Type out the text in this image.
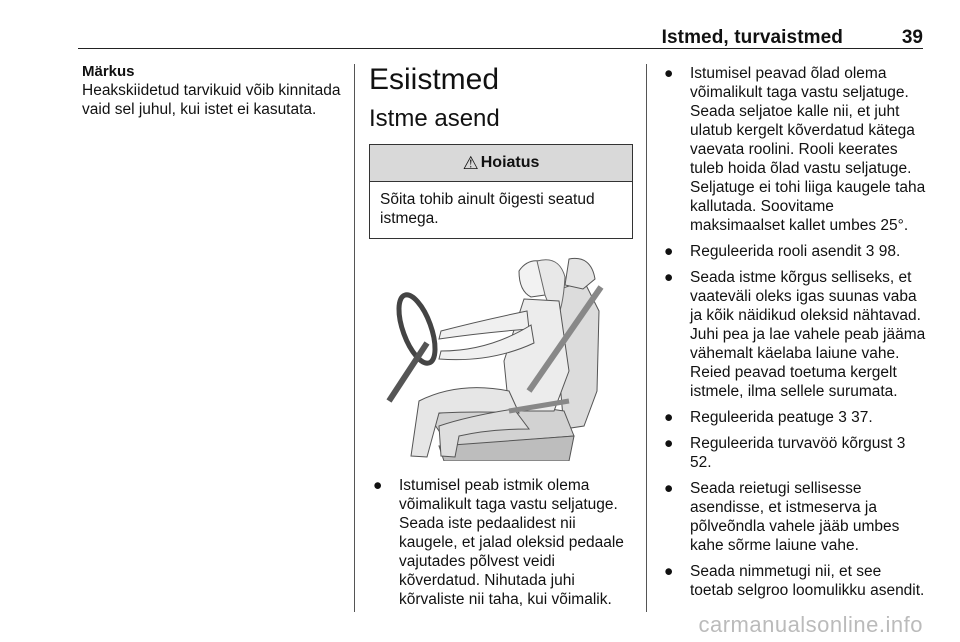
Istmed, turvaistmed	39
Märkus

Heakskiidetud tarvikuid võib kinnitada vaid sel juhul, kui istet ei kasutata.

Esiistmed
Istme asend
⚠ Hoiatus
Sõita tohib ainult õigesti seatud istmega.
● Istumisel peab istmik olema võimalikult taga vastu seljatuge. Seada iste pedaalidest nii kaugele, et jalad oleksid pedaale vajutades põlvest veidi kõverdatud. Nihutada juhi kõrvaliste nii taha, kui võimalik.
● Istumisel peavad õlad olema võimalikult taga vastu seljatuge. Seada seljatoe kalle nii, et juht ulatub kergelt kõverdatud kätega vaevata roolini. Rooli keerates tuleb hoida õlad vastu seljatuge. Seljatuge ei tohi liiga kaugele taha kallutada. Soovitame maksimaalset kallet umbes 25°.
● Reguleerida rooli asendit 3 98.
● Seada istme kõrgus selliseks, et vaateväli oleks igas suunas vaba ja kõik näidikud oleksid nähtavad. Juhi pea ja lae vahele peab jääma vähemalt käelaba laiune vahe. Reied peavad toetuma kergelt istmele, ilma sellele surumata.
● Reguleerida peatuge 3 37.
● Reguleerida turvavöö kõrgust 3 52.
● Seada reietugi sellisesse asendisse, et istmeserva ja põlveõndla vahele jääb umbes kahe sõrme laiune vahe.
● Seada nimmetugi nii, et see toetab selgroo loomulikku asendit.
carmanualsonline.info
